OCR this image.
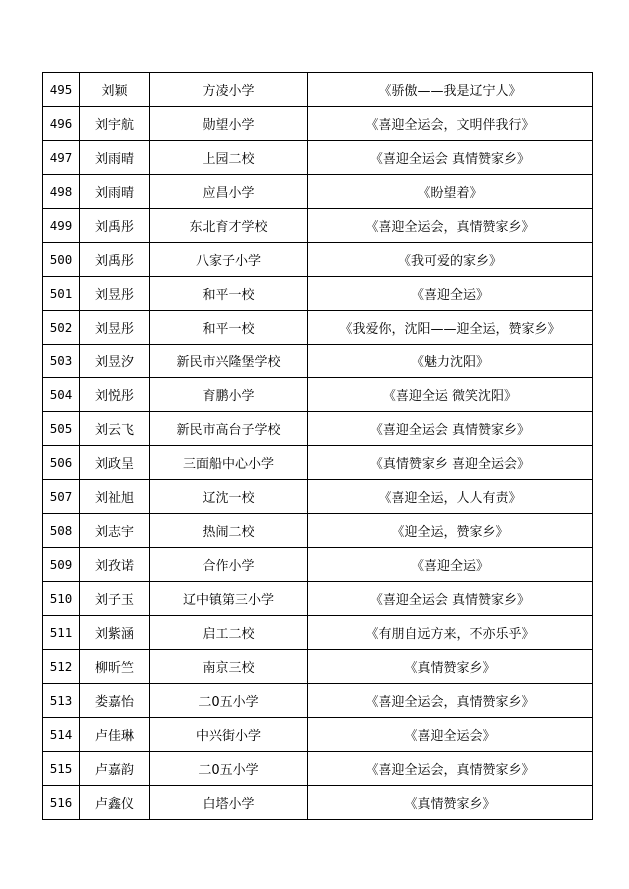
495	刘颖	方凌小学	《骄傲——我是辽宁人》
496	刘宇航	勋望小学	《喜迎全运会，文明伴我行》
497	刘雨晴	上园二校	《喜迎全运会 真情赞家乡》
498	刘雨晴	应昌小学	《盼望着》
499	刘禹彤	东北育才学校	《喜迎全运会，真情赞家乡》
500	刘禹彤	八家子小学	《我可爱的家乡》
501	刘昱彤	和平一校	《喜迎全运》
502	刘昱彤	和平一校	《我爱你，沈阳——迎全运，赞家乡》
503	刘昱汐	新民市兴隆堡学校	《魅力沈阳》
504	刘悦彤	育鹏小学	《喜迎全运 微笑沈阳》
505	刘云飞	新民市高台子学校	《喜迎全运会 真情赞家乡》
506	刘政呈	三面船中心小学	《真情赞家乡 喜迎全运会》
507	刘祉旭	辽沈一校	《喜迎全运，人人有责》
508	刘志宇	热闹二校	《迎全运，赞家乡》
509	刘孜诺	合作小学	《喜迎全运》
510	刘子玉	辽中镇第三小学	《喜迎全运会 真情赞家乡》
511	刘紫涵	启工二校	《有朋自远方来，不亦乐乎》
512	柳昕竺	南京三校	《真情赞家乡》
513	娄嘉怡	二0五小学	《喜迎全运会，真情赞家乡》
514	卢佳琳	中兴街小学	《喜迎全运会》
515	卢嘉韵	二0五小学	《喜迎全运会，真情赞家乡》
516	卢鑫仪	白塔小学	《真情赞家乡》
